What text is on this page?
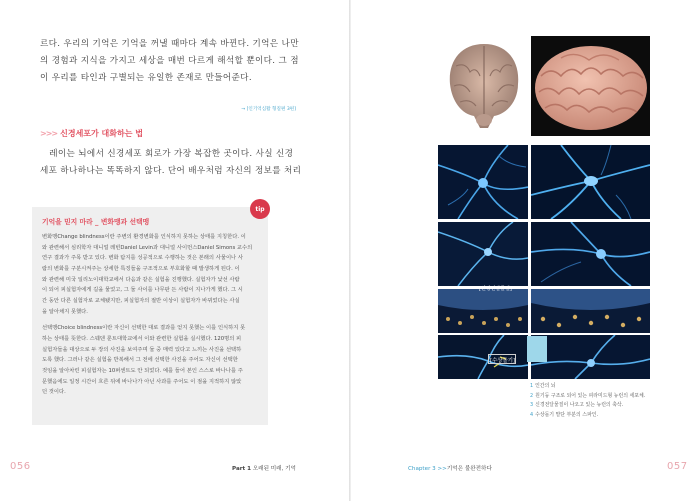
르다. 우리의 기억은 기억을 꺼낼 때마다 계속 바뀐다. 기억은 나만
의 경험과 지식을 가지고 세상을 매번 다르게 해석할 뿐이다. 그 점
이 우리를 타인과 구별되는 유일한 존재로 만들어준다.
→ [인기억심활 형질편 3편]
>>> 신경세포가 대화하는 법
레이는 뇌에서 신경세포 회로가 가장 복잡한 곳이다. 사실 신경
세포 하나하나는 똑똑하지 않다. 단어 배우처럼 자신의 정보를 처리
tip
기억을 믿지 마라 _ 변화맹과 선택맹
변화맹Change blindness이란 주변의 환경변화를 인식하지 못하는 상태를 지칭한다. 이
와 관련해서 심리학자 대니얼 레빈Daniel Levin과 대니얼 사이먼스Daniel Simons 교수의
연구 결과가 주목 받고 있다. 변화 탐지를 성공적으로 수행하는 것은 본래의 사물이나 사
람의 변화를 구분시켜주는 상세한 특징들을 구조적으로 부호화할 때 발생하게 된다. 이
와 관련해 미국 일리노이대학교에서 다음과 같은 실험을 진행했다. 실험자가 낯선 사람
이 되어 피실험자에게 길을 물었고, 그 둘 사이를 나무판 든 사람이 지나가게 했다. 그 시
간 동안 다른 실험자로 교체됐지만, 피실험자의 절반 이상이 실험자가 바뀌었다는 사실
을 알아채지 못했다.
선택맹Choice blindness이란 자신이 선택한 대로 결과를 얻지 못했는 이를 인식하지 못
하는 상태를 뜻한다. 스웨덴 룬트대학교에서 이와 관련한 실험을 실시했다. 120명의 피
실험자들을 대상으로 두 장의 사진을 보여주며 둘 중 매력 있다고 느끼는 사진을 선택하
도록 했다. 그러나 같은 실험을 반복해서 그 전에 선택한 사진을 주어도 자신이 선택한
것임을 알아차린 피실험자는 10퍼센트도 안 되었다. 예를 들어 본인 스스로 바나나를 주
문했음에도 일정 시간이 흐른 뒤에 바나나가 아닌 사과를 주어도 이 점을 지적하지 않았
던 것이다.
056	Part 1 오래된 미래, 기억
[신경전달물질]
[수상돌기]
1 인간의 뇌
2 원기둥 구조로 되어 있는 피라미드형 뉴런의 세포체.
3 신경전달물질이 나오고 있는 뉴런의 축삭.
4 수상돌기 말단 부분의 스파인.
Chapter 3 >>기억은 불완전하다	057
